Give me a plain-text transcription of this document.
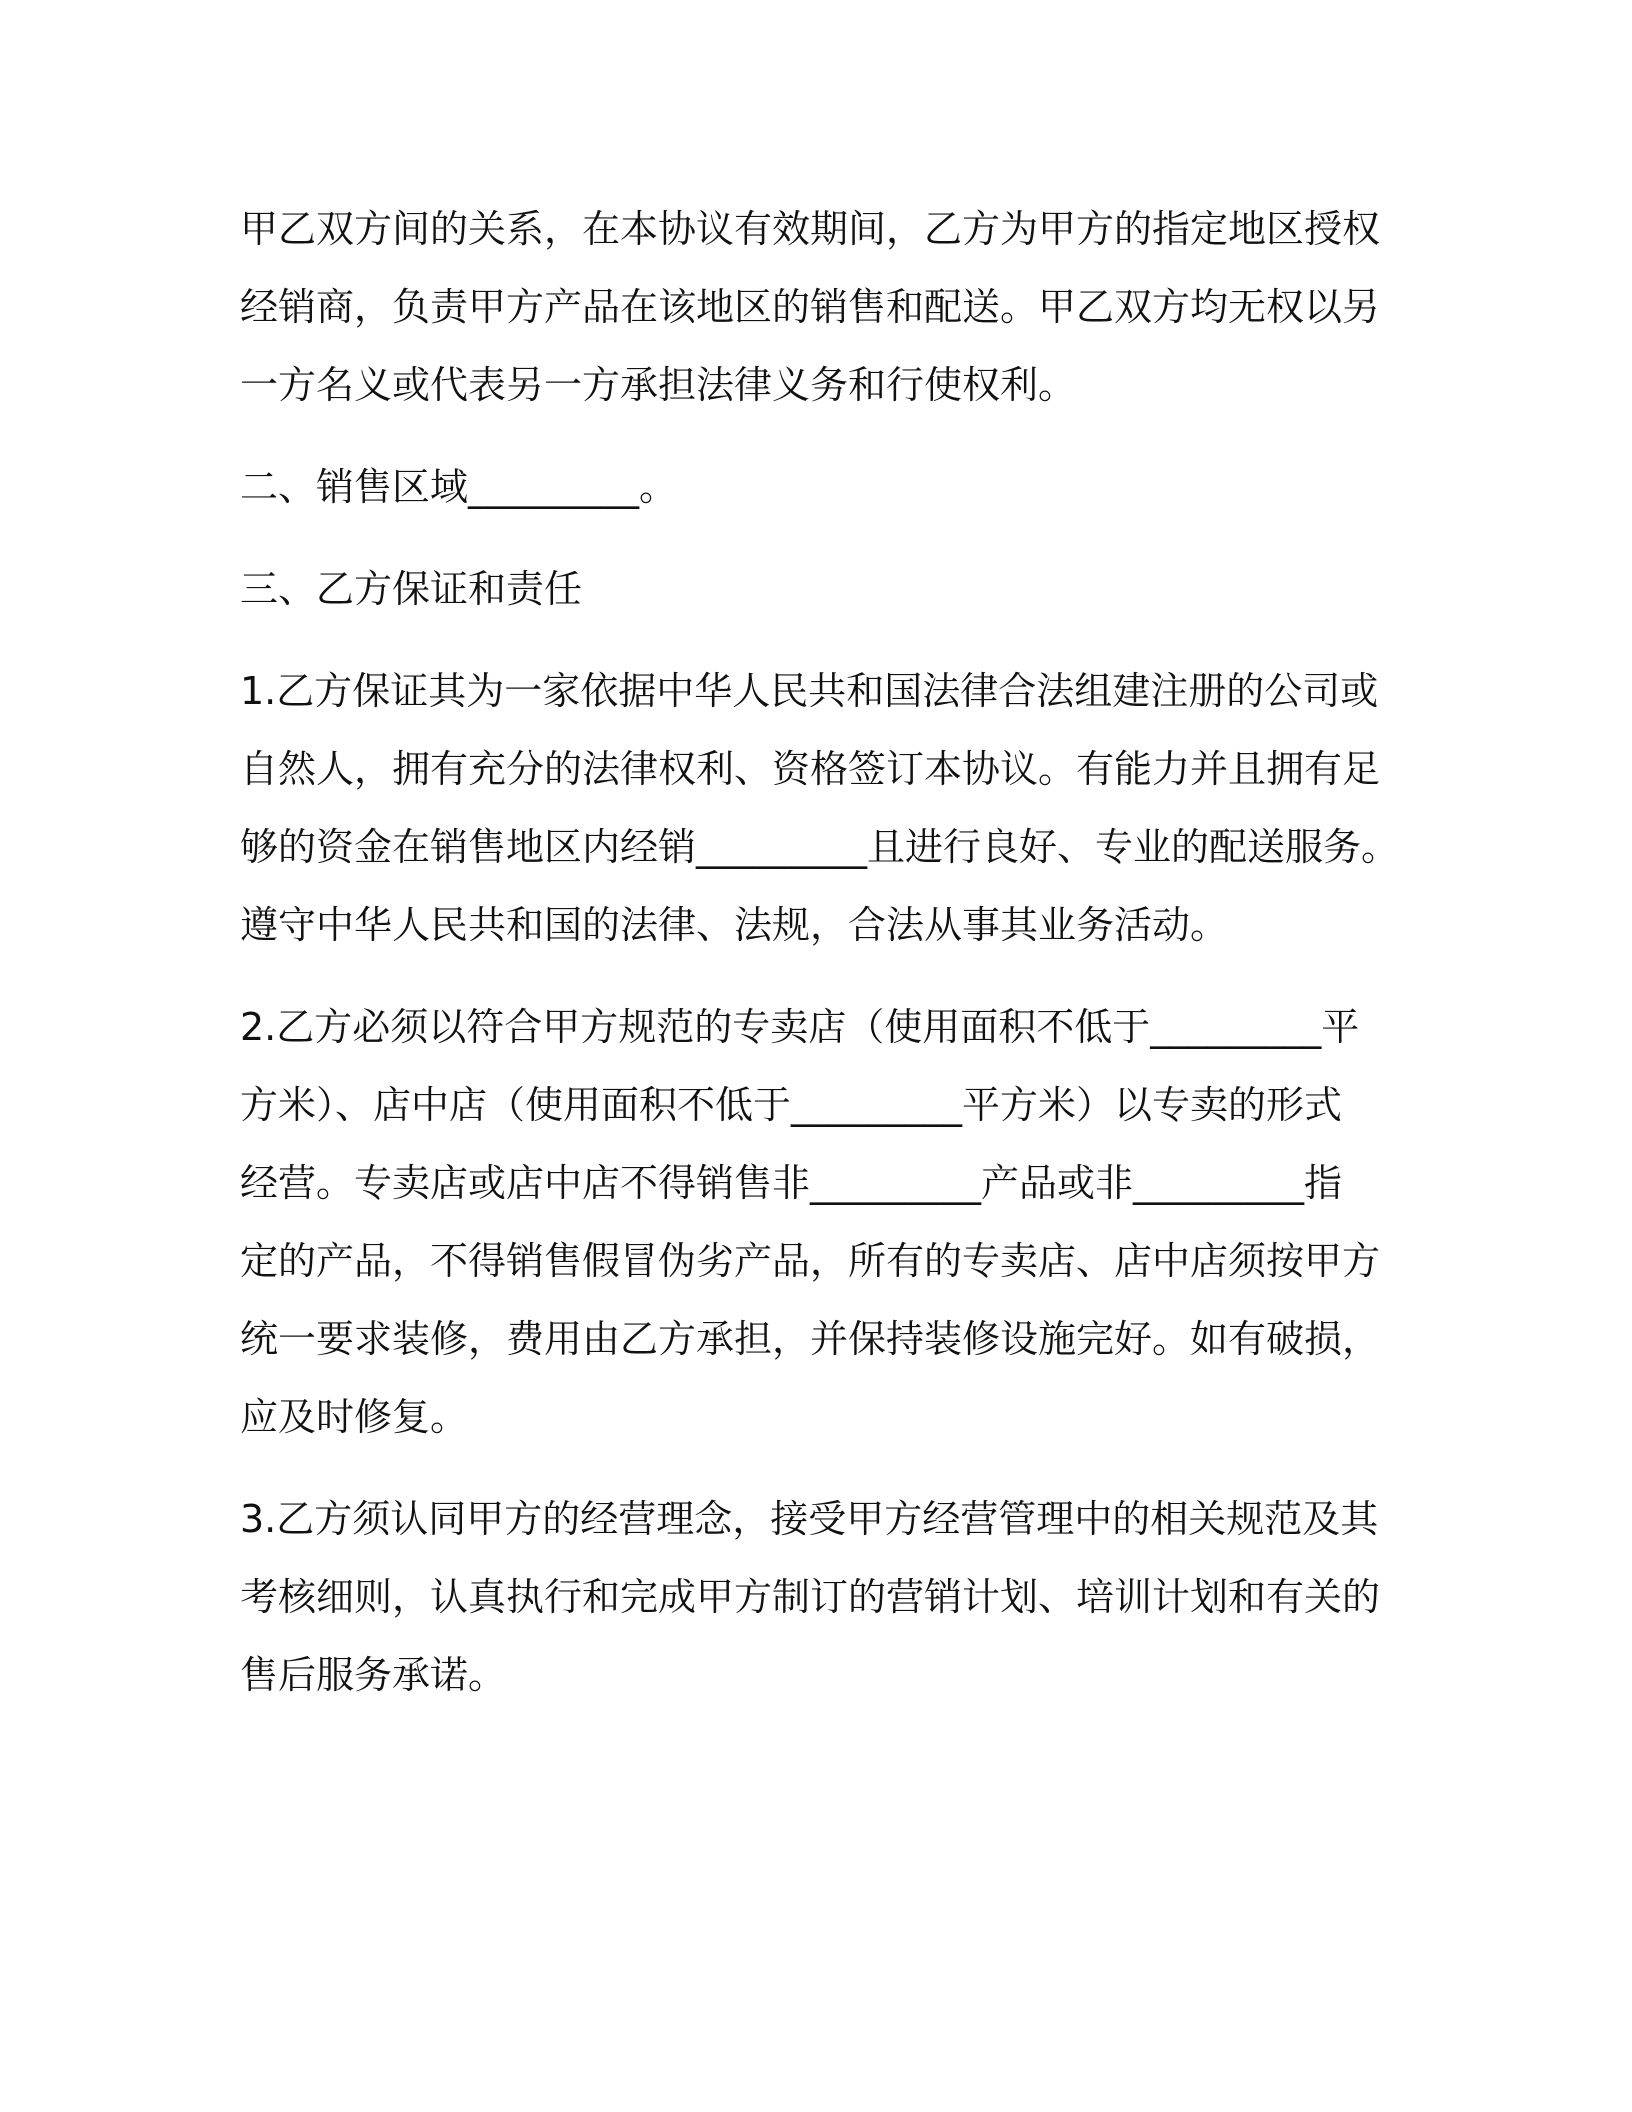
甲乙双方间的关系，在本协议有效期间，乙方为甲方的指定地区授权
经销商，负责甲方产品在该地区的销售和配送。甲乙双方均无权以另
一方名义或代表另一方承担法律义务和行使权利。
二、销售区域_________。
三、乙方保证和责任
1.乙方保证其为一家依据中华人民共和国法律合法组建注册的公司或
自然人，拥有充分的法律权利、资格签订本协议。有能力并且拥有足
够的资金在销售地区内经销_________且进行良好、专业的配送服务。
遵守中华人民共和国的法律、法规，合法从事其业务活动。
2.乙方必须以符合甲方规范的专卖店（使用面积不低于_________平
方米）、店中店（使用面积不低于_________平方米）以专卖的形式
经营。专卖店或店中店不得销售非_________产品或非_________指
定的产品，不得销售假冒伪劣产品，所有的专卖店、店中店须按甲方
统一要求装修，费用由乙方承担，并保持装修设施完好。如有破损，
应及时修复。
3.乙方须认同甲方的经营理念，接受甲方经营管理中的相关规范及其
考核细则，认真执行和完成甲方制订的营销计划、培训计划和有关的
售后服务承诺。
